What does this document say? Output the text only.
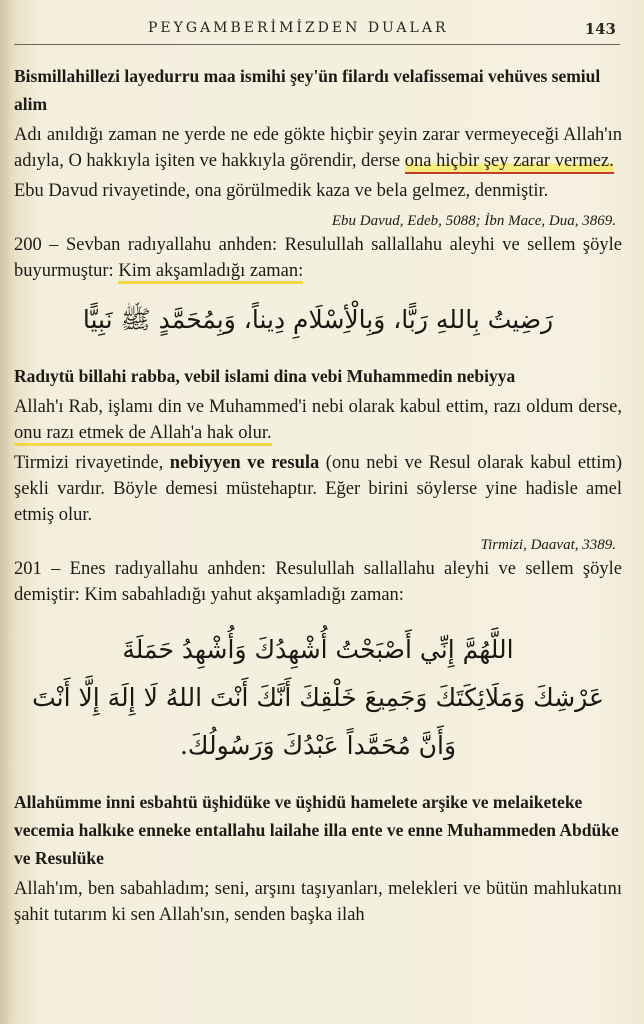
PEYGAMBERİMİZDEN DUALAR	143

Bismillahillezi layedurru maa ismihi şey'ün filardı velafissemai vehüves semiul alim

Adı anıldığı zaman ne yerde ne ede gökte hiçbir şeyin zarar vermeyeceği Allah'ın adıyla, O hakkıyla işiten ve hakkıyla görendir, derse ona hiçbir şey zarar vermez.

Ebu Davud rivayetinde, ona görülmedik kaza ve bela gelmez, denmiştir.

Ebu Davud, Edeb, 5088; İbn Mace, Dua, 3869.

200 – Sevban radıyallahu anhden: Resulullah sallallahu aleyhi ve sellem şöyle buyurmuştur: Kim akşamladığı zaman:

رَضِيتُ بِاللهِ رَبًّا، وَبِالْأِسْلَامِ دِيناً، وَبِمُحَمَّدٍ ﷺ نَبِيًّا

Radıytü billahi rabba, vebil islami dina vebi Muhammedin nebiyya

Allah'ı Rab, işlamı din ve Muhammed'i nebi olarak kabul ettim, razı oldum derse, onu razı etmek de Allah'a hak olur.

Tirmizi rivayetinde, nebiyyen ve resula (onu nebi ve Resul olarak kabul ettim) şekli vardır. Böyle demesi müstehaptır. Eğer birini söylerse yine hadisle amel etmiş olur.

Tirmizi, Daavat, 3389.

201 – Enes radıyallahu anhden: Resulullah sallallahu aleyhi ve sellem şöyle demiştir: Kim sabahladığı yahut akşamladığı zaman:

اللَّهُمَّ إِنِّي أَصْبَحْتُ أُشْهِدُكَ وَأُشْهِدُ حَمَلَةَ

عَرْشِكَ وَمَلَائِكَتَكَ وَجَمِيعَ خَلْقِكَ أَنَّكَ أَنْتَ اللهُ لَا إِلَهَ إِلَّا أَنْتَ

وَأَنَّ مُحَمَّداً عَبْدُكَ وَرَسُولُكَ.

Allahümme inni esbahtü üşhidüke ve üşhidü hamelete arşike ve melaiketeke vecemia halkıke enneke entallahu lailahe illa ente ve enne Muhammeden Abdüke ve Resulüke

Allah'ım, ben sabahladım; seni, arşını taşıyanları, melekleri ve bütün mahlukatını şahit tutarım ki sen Allah'sın, senden başka ilah
